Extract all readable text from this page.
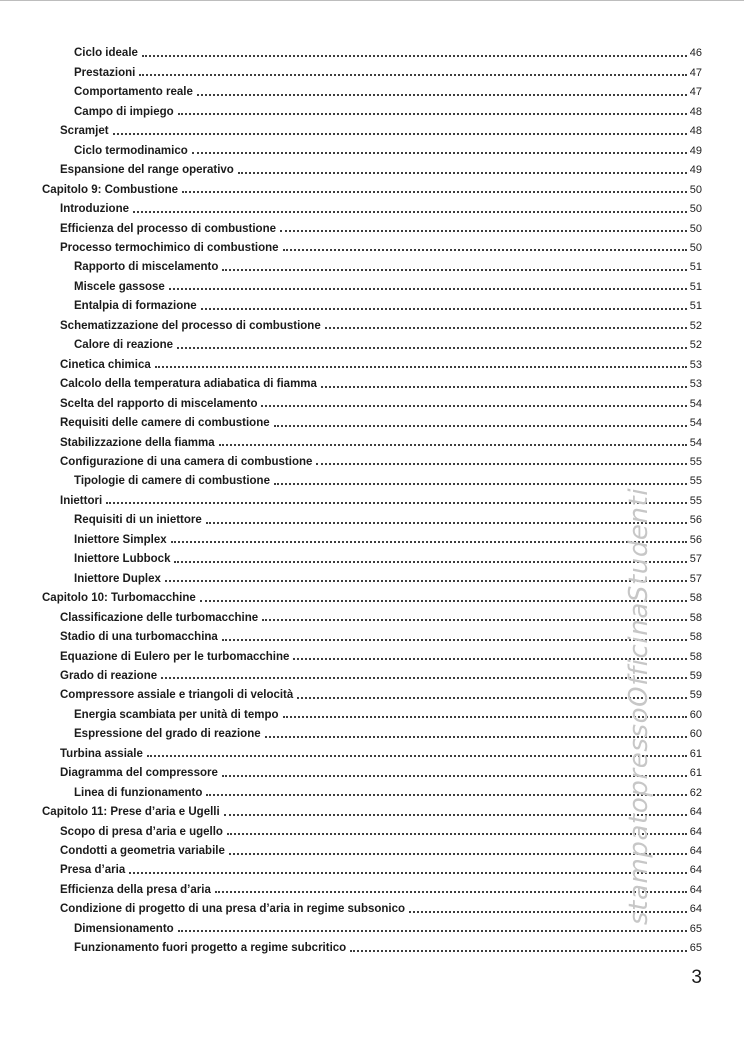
Ciclo ideale	46
Prestazioni	47
Comportamento reale	47
Campo di impiego	48
Scramjet	48
Ciclo termodinamico	49
Espansione del range operativo	49
Capitolo 9: Combustione	50
Introduzione	50
Efficienza del processo di combustione	50
Processo termochimico di combustione	50
Rapporto di miscelamento	51
Miscele gassose	51
Entalpia di formazione	51
Schematizzazione del processo di combustione	52
Calore di reazione	52
Cinetica chimica	53
Calcolo della temperatura adiabatica di fiamma	53
Scelta del rapporto di miscelamento	54
Requisiti delle camere di combustione	54
Stabilizzazione della fiamma	54
Configurazione di una camera di combustione	55
Tipologie di camere di combustione	55
Iniettori	55
Requisiti di un iniettore	56
Iniettore Simplex	56
Iniettore Lubbock	57
Iniettore Duplex	57
Capitolo 10: Turbomacchine	58
Classificazione delle turbomacchine	58
Stadio di una turbomacchina	58
Equazione di Eulero per le turbomacchine	58
Grado di reazione	59
Compressore assiale e triangoli di velocità	59
Energia scambiata per unità di tempo	60
Espressione del grado di reazione	60
Turbina assiale	61
Diagramma del compressore	61
Linea di funzionamento	62
Capitolo 11: Prese d’aria e Ugelli	64
Scopo di presa d’aria e ugello	64
Condotti a geometria variabile	64
Presa d’aria	64
Efficienza della presa d’aria	64
Condizione di progetto di una presa d’aria in regime subsonico	64
Dimensionamento	65
Funzionamento fuori progetto a regime subcritico	65
stampatopressoOfficinaStudenti
3
